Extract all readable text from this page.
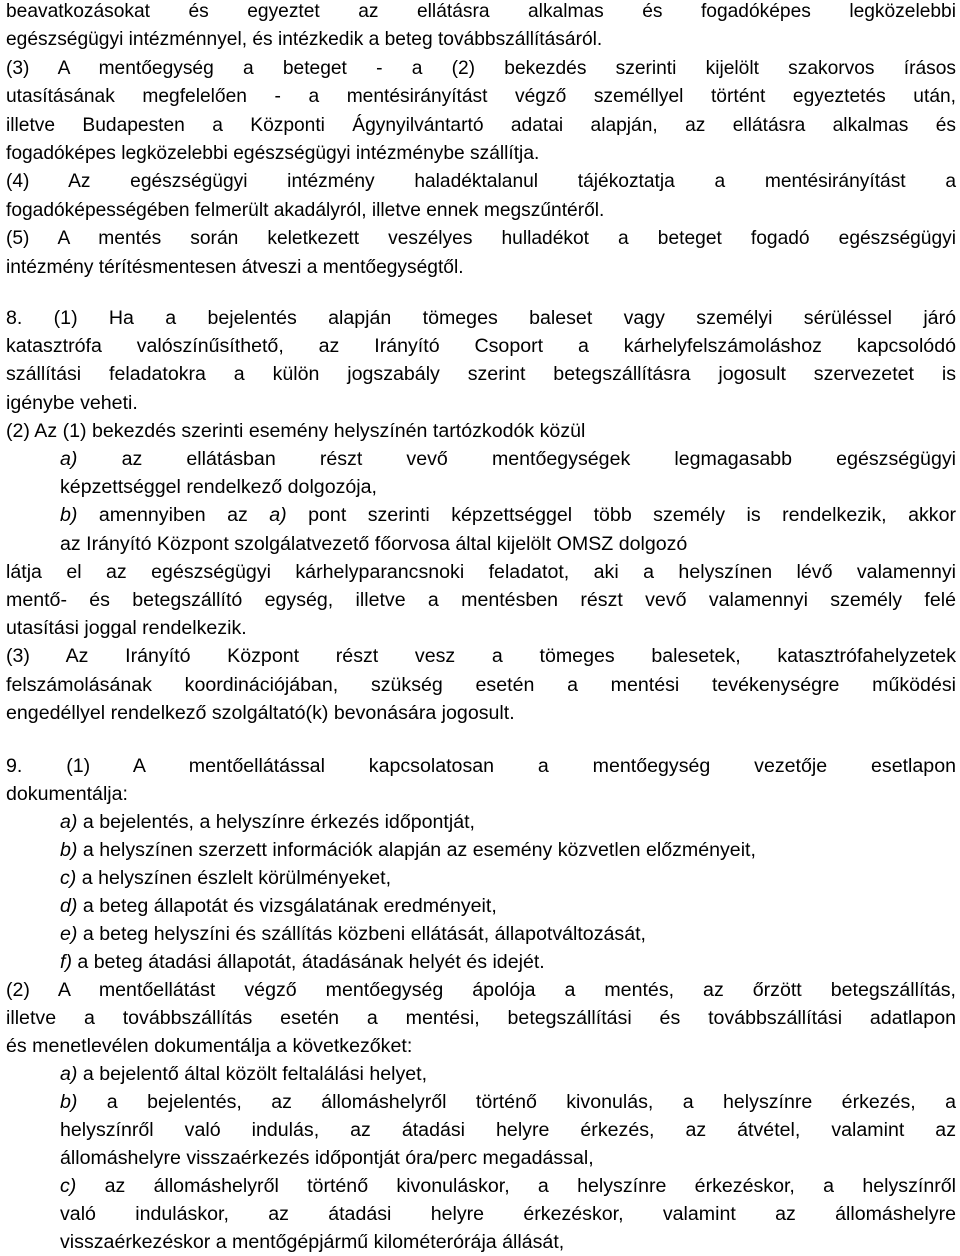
beavatkozásokat és egyeztet az ellátásra alkalmas és fogadóképes legközelebbi
egészségügyi intézménnyel, és intézkedik a beteg továbbszállításáról.
(3) A mentőegység a beteget - a (2) bekezdés szerinti kijelölt szakorvos írásos
utasításának megfelelően - a mentésirányítást végző személlyel történt egyeztetés után,
illetve Budapesten a Központi Ágynyilvántartó adatai alapján, az ellátásra alkalmas és
fogadóképes legközelebbi egészségügyi intézménybe szállítja.
(4) Az egészségügyi intézmény haladéktalanul tájékoztatja a mentésirányítást a
fogadóképességében felmerült akadályról, illetve ennek megszűntéről.
(5) A mentés során keletkezett veszélyes hulladékot a beteget fogadó egészségügyi
intézmény térítésmentesen átveszi a mentőegységtől.
8. (1) Ha a bejelentés alapján tömeges baleset vagy személyi sérüléssel járó
katasztrófa valószínűsíthető, az Irányító Csoport a kárhelyfelszámoláshoz kapcsolódó
szállítási feladatokra a külön jogszabály szerint betegszállításra jogosult szervezetet is
igénybe veheti.
(2) Az (1) bekezdés szerinti esemény helyszínén tartózkodók közül
a) az ellátásban részt vevő mentőegységek legmagasabb egészségügyi
képzettséggel rendelkező dolgozója,
b) amennyiben az a) pont szerinti képzettséggel több személy is rendelkezik, akkor
az Irányító Központ szolgálatvezető főorvosa által kijelölt OMSZ dolgozó
látja el az egészségügyi kárhelyparancsnoki feladatot, aki a helyszínen lévő valamennyi
mentő- és betegszállító egység, illetve a mentésben részt vevő valamennyi személy felé
utasítási joggal rendelkezik.
(3) Az Irányító Központ részt vesz a tömeges balesetek, katasztrófahelyzetek
felszámolásának koordinációjában, szükség esetén a mentési tevékenységre működési
engedéllyel rendelkező szolgáltató(k) bevonására jogosult.
9. (1) A mentőellátással kapcsolatosan a mentőegység vezetője esetlapon
dokumentálja:
a) a bejelentés, a helyszínre érkezés időpontját,
b) a helyszínen szerzett információk alapján az esemény közvetlen előzményeit,
c) a helyszínen észlelt körülményeket,
d) a beteg állapotát és vizsgálatának eredményeit,
e) a beteg helyszíni és szállítás közbeni ellátását, állapotváltozását,
f) a beteg átadási állapotát, átadásának helyét és idejét.
(2) A mentőellátást végző mentőegység ápolója a mentés, az őrzött betegszállítás,
illetve a továbbszállítás esetén a mentési, betegszállítási és továbbszállítási adatlapon
és menetlevélen dokumentálja a következőket:
a) a bejelentő által közölt feltalálási helyet,
b) a bejelentés, az állomáshelyről történő kivonulás, a helyszínre érkezés, a
helyszínről való indulás, az átadási helyre érkezés, az átvétel, valamint az
állomáshelyre visszaérkezés időpontját óra/perc megadással,
c) az állomáshelyről történő kivonuláskor, a helyszínre érkezéskor, a helyszínről
való induláskor, az átadási helyre érkezéskor, valamint az állomáshelyre
visszaérkezéskor a mentőgépjármű kilométerórája állását,
